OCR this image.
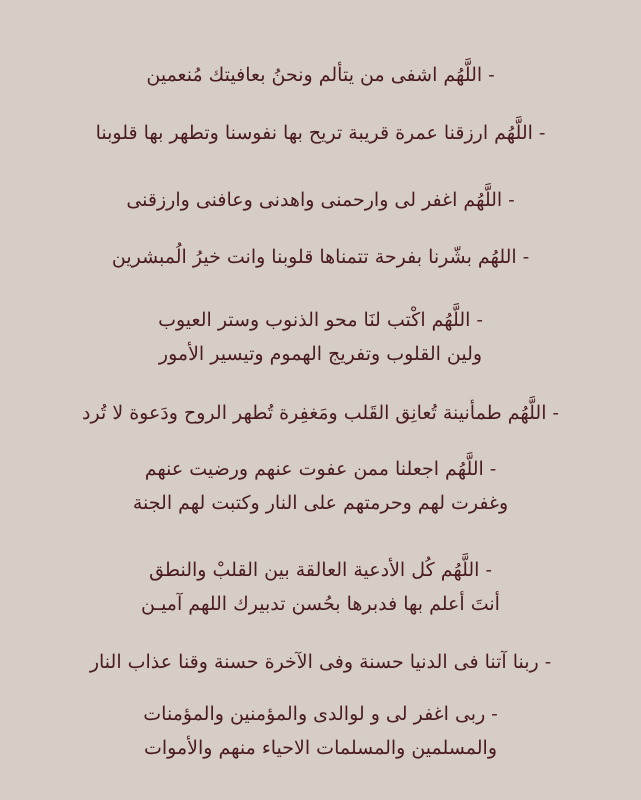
- اللَّهُم اشفى من يتألم ونحنُ بعافيتك مُنعمين
- اللَّهُم ارزقنا عمرة قريبة تريح بها نفوسنا وتطهر بها قلوبنا
- اللَّهُم اغفر لى وارحمنى واهدنى وعافنى وارزقنى
- اللهُم بشّرنا بفرحة تتمناها قلوبنا وانت خيرُ الُمبشرين
- اللَّهُم اكْتب لنَا محو الذنوب وستر العيوب
ولين القلوب وتفريج الهموم وتيسير الأمور
- اللَّهُم طمأنينة تُعانِق القَلب ومَغفِرة تُطهر الروح ودَعوة لا تُرد
- اللَّهُم اجعلنا ممن عفوت عنهم ورضيت عنهم
وغفرت لهم وحرمتهم على النار وكتبت لهم الجنة
- اللَّهُم كُل الأدعية العالقة بين القلبْ والنطق
أنتَ أعلم بها فدبرها بحُسن تدبيرك اللهم آميـن
- ربنا آتنا فى الدنيا حسنة وفى الآخرة حسنة وقنا عذاب النار
- ربى اغفر لى و لوالدى والمؤمنين والمؤمنات
والمسلمين والمسلمات الاحياء منهم والأموات
